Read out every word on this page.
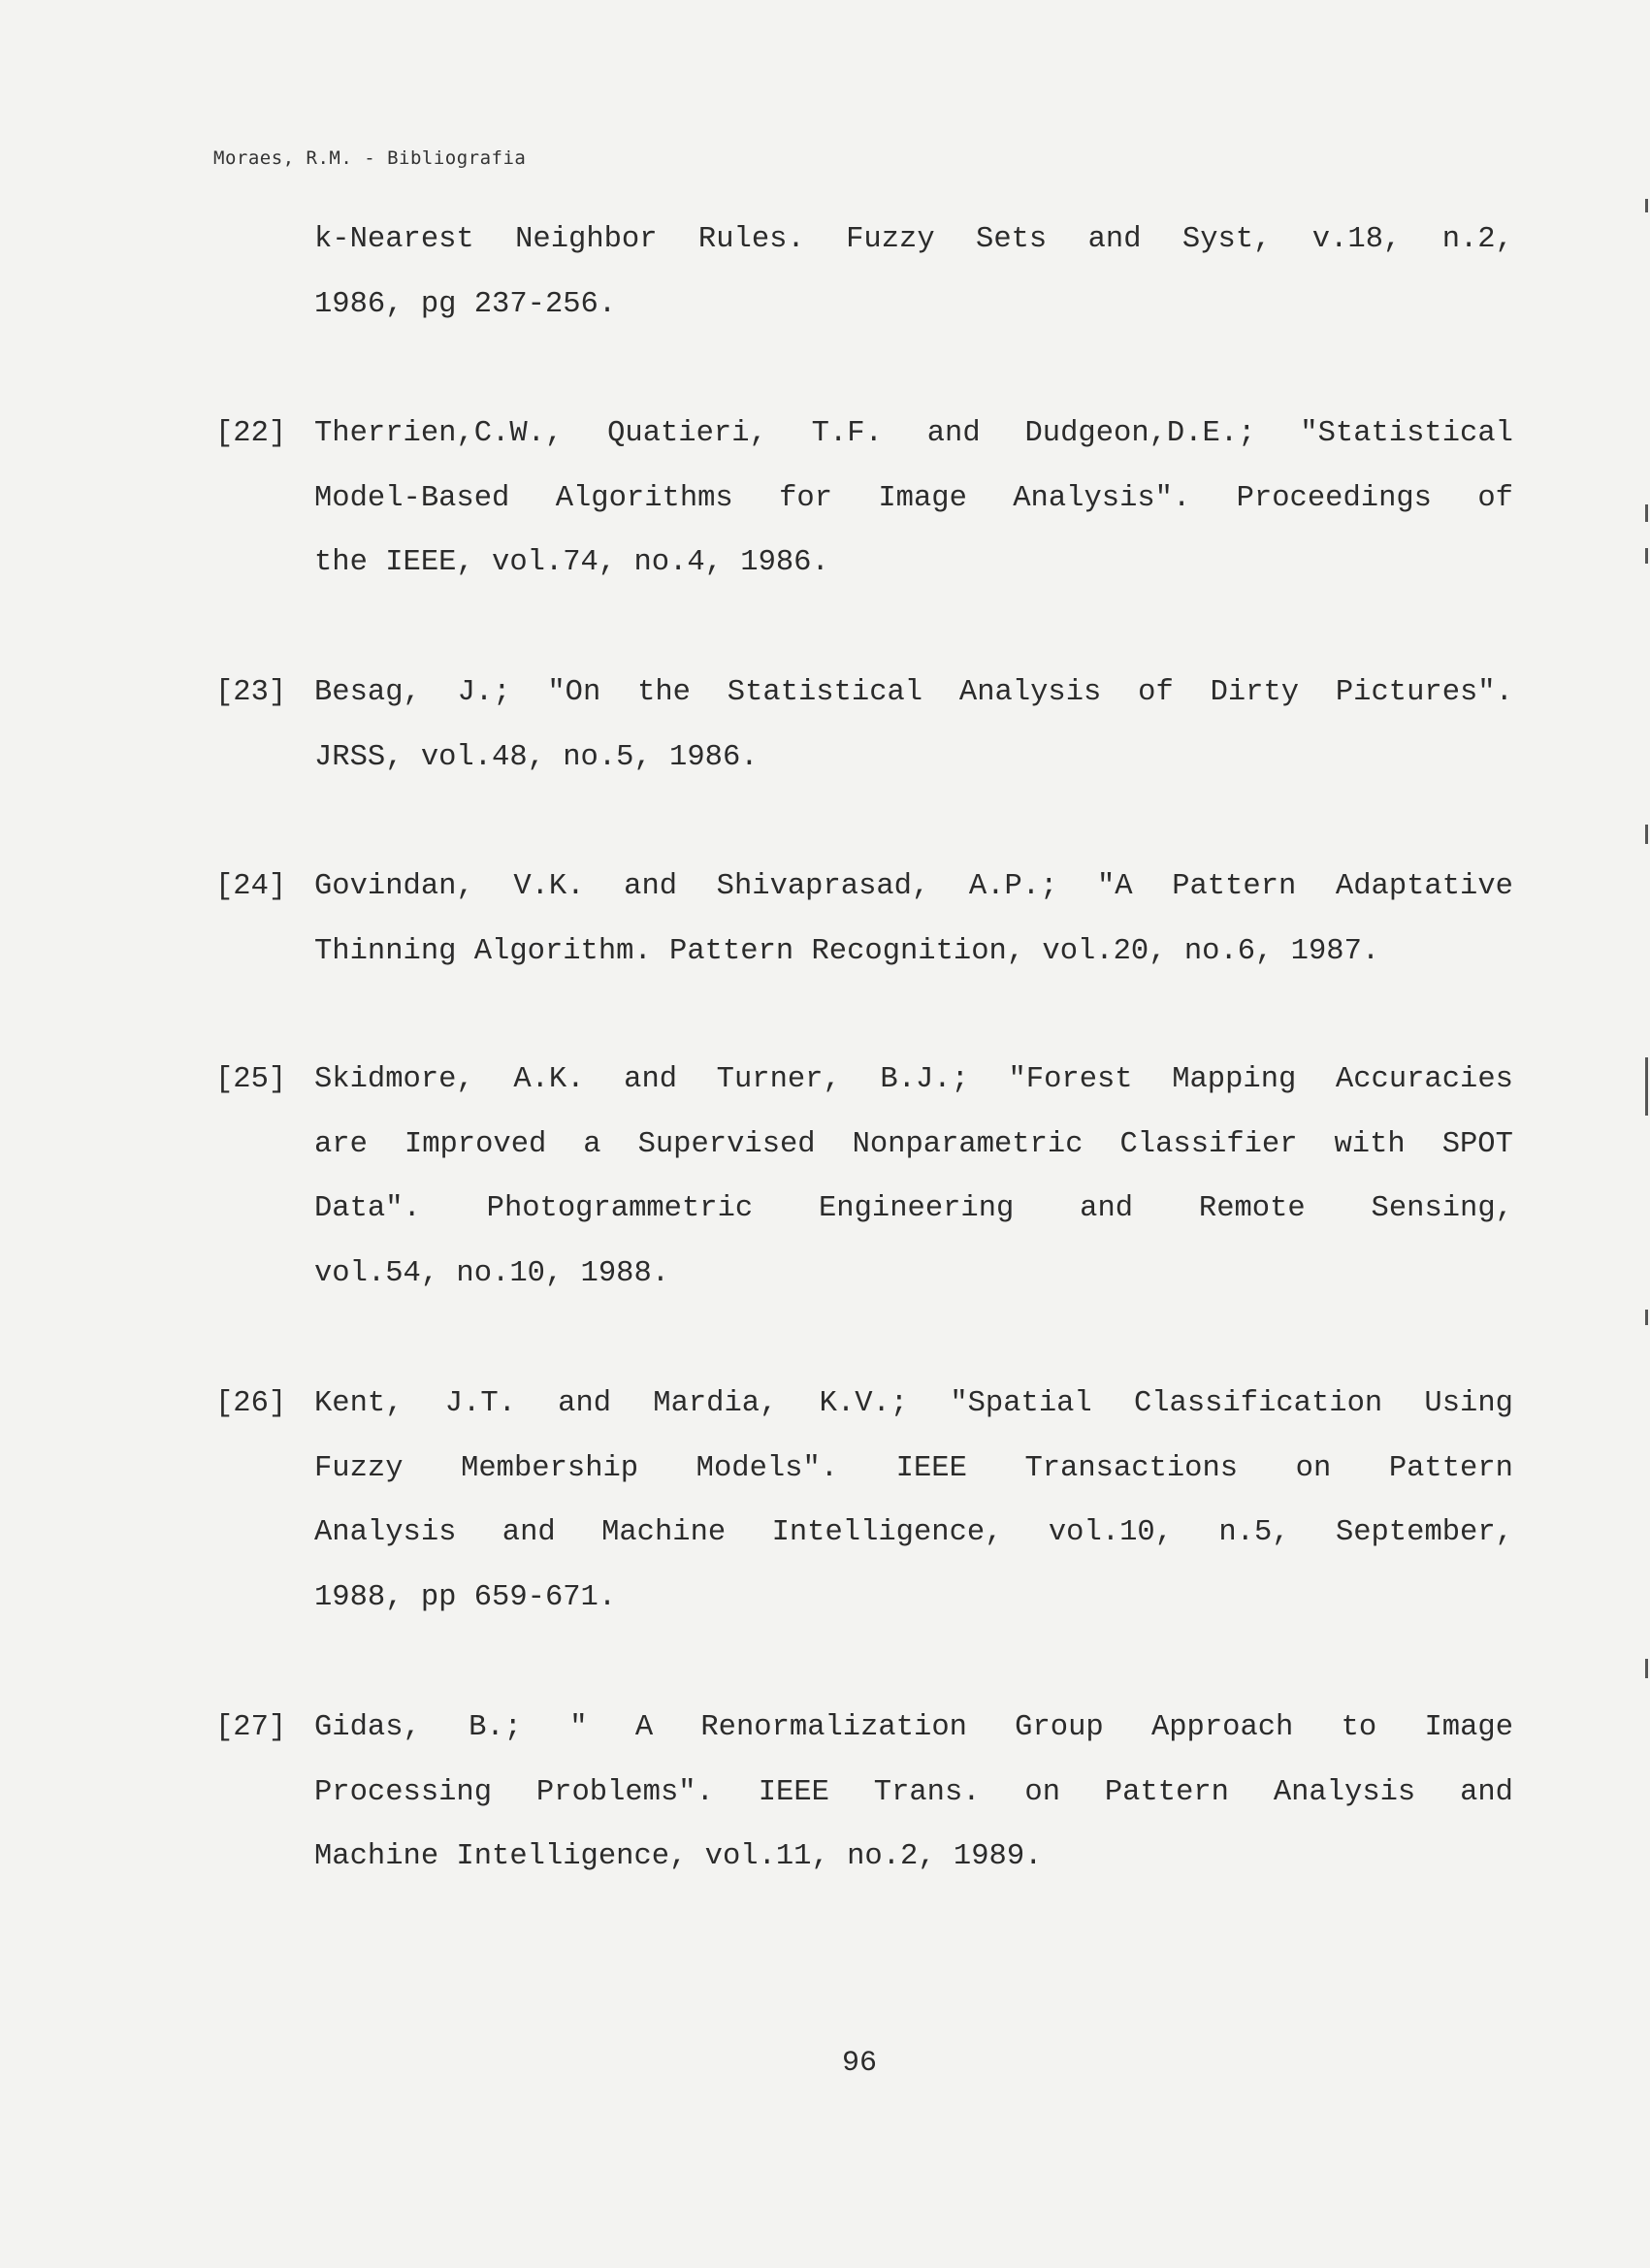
Moraes, R.M. - Bibliografia
k-Nearest Neighbor Rules. Fuzzy Sets and Syst, v.18, n.2,
1986, pg 237-256.
[22] Therrien,C.W., Quatieri, T.F. and Dudgeon,D.E.; "Statistical
Model-Based Algorithms for Image Analysis". Proceedings of
the IEEE, vol.74, no.4, 1986.
[23] Besag, J.; "On the Statistical Analysis of Dirty Pictures".
JRSS, vol.48, no.5, 1986.
[24] Govindan, V.K. and Shivaprasad, A.P.; "A Pattern Adaptative
Thinning Algorithm. Pattern Recognition, vol.20, no.6, 1987.
[25] Skidmore, A.K. and Turner, B.J.; "Forest Mapping Accuracies
are Improved a Supervised Nonparametric Classifier with SPOT
Data". Photogrammetric Engineering and Remote Sensing,
vol.54, no.10, 1988.
[26] Kent, J.T. and Mardia, K.V.; "Spatial Classification Using
Fuzzy Membership Models". IEEE Transactions on Pattern
Analysis and Machine Intelligence, vol.10, n.5, September,
1988, pp 659-671.
[27] Gidas, B.; " A Renormalization Group Approach to Image
Processing Problems". IEEE Trans. on Pattern Analysis and
Machine Intelligence, vol.11, no.2, 1989.
96
